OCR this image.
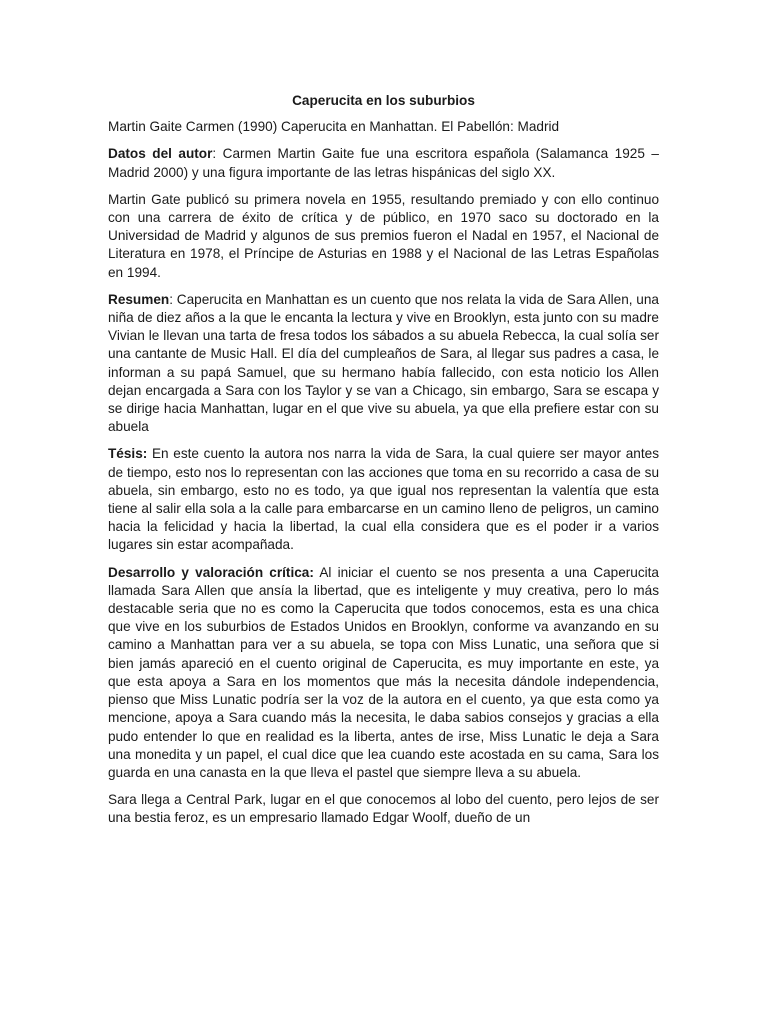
Caperucita en los suburbios
Martin Gaite Carmen (1990) Caperucita en Manhattan. El Pabellón: Madrid
Datos del autor: Carmen Martin Gaite fue una escritora española (Salamanca 1925 – Madrid 2000) y una figura importante de las letras hispánicas del siglo XX.
Martin Gate publicó su primera novela en 1955, resultando premiado y con ello continuo con una carrera de éxito de crítica y de público, en 1970 saco su doctorado en la Universidad de Madrid y algunos de sus premios fueron el Nadal en 1957, el Nacional de Literatura en 1978, el Príncipe de Asturias en 1988 y el Nacional de las Letras Españolas en 1994.
Resumen: Caperucita en Manhattan es un cuento que nos relata la vida de Sara Allen, una niña de diez años a la que le encanta la lectura y vive en Brooklyn, esta junto con su madre Vivian le llevan una tarta de fresa todos los sábados a su abuela Rebecca, la cual solía ser una cantante de Music Hall. El día del cumpleaños de Sara, al llegar sus padres a casa, le informan a su papá Samuel, que su hermano había fallecido, con esta noticio los Allen dejan encargada a Sara con los Taylor y se van a Chicago, sin embargo, Sara se escapa y se dirige hacia Manhattan, lugar en el que vive su abuela, ya que ella prefiere estar con su abuela
Tésis: En este cuento la autora nos narra la vida de Sara, la cual quiere ser mayor antes de tiempo, esto nos lo representan con las acciones que toma en su recorrido a casa de su abuela, sin embargo, esto no es todo, ya que igual nos representan la valentía que esta tiene al salir ella sola a la calle para embarcarse en un camino lleno de peligros, un camino hacia la felicidad y hacia la libertad, la cual ella considera que es el poder ir a varios lugares sin estar acompañada.
Desarrollo y valoración crítica: Al iniciar el cuento se nos presenta a una Caperucita llamada Sara Allen que ansía la libertad, que es inteligente y muy creativa, pero lo más destacable seria que no es como la Caperucita que todos conocemos, esta es una chica que vive en los suburbios de Estados Unidos en Brooklyn, conforme va avanzando en su camino a Manhattan para ver a su abuela, se topa con Miss Lunatic, una señora que si bien jamás apareció en el cuento original de Caperucita, es muy importante en este, ya que esta apoya a Sara en los momentos que más la necesita dándole independencia, pienso que Miss Lunatic podría ser la voz de la autora en el cuento, ya que esta como ya mencione, apoya a Sara cuando más la necesita, le daba sabios consejos y gracias a ella pudo entender lo que en realidad es la liberta, antes de irse, Miss Lunatic le deja a Sara una monedita y un papel, el cual dice que lea cuando este acostada en su cama, Sara los guarda en una canasta en la que lleva el pastel que siempre lleva a su abuela.
Sara llega a Central Park, lugar en el que conocemos al lobo del cuento, pero lejos de ser una bestia feroz, es un empresario llamado Edgar Woolf, dueño de un
